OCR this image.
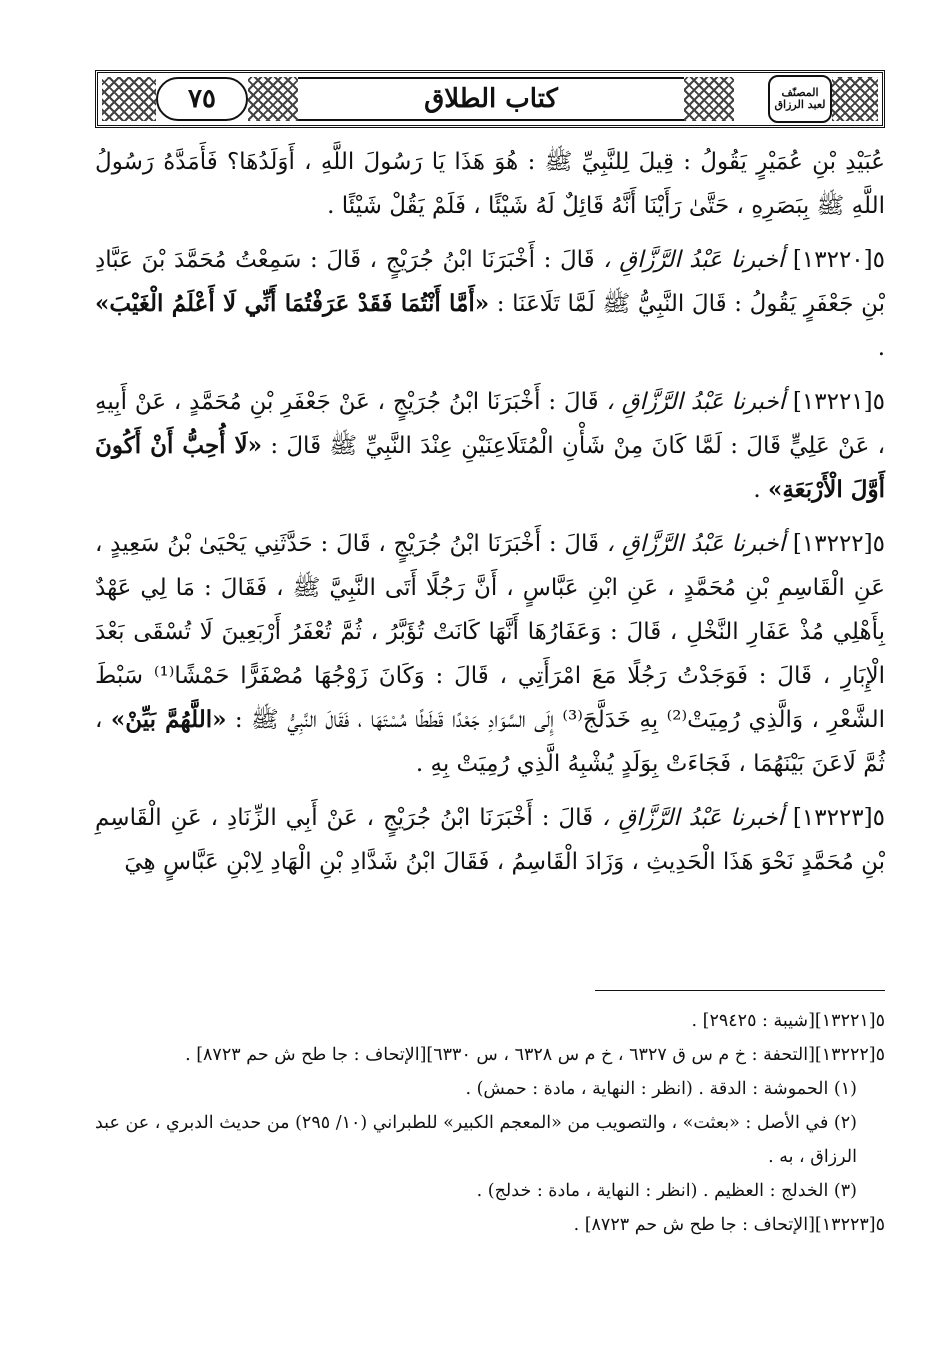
٧٥	كتاب الطلاق	المصنّف
لعبد الرزاق

عُبَيْدِ بْنِ عُمَيْرٍ يَقُولُ : قِيلَ لِلنَّبِيِّ ﷺ : هُوَ هَذَا يَا رَسُولَ اللَّهِ ، أَوَلَدُهَا؟ فَأَمَدَّهُ رَسُولُ اللَّهِ ﷺ بِبَصَرِهِ ، حَتَّىٰ رَأَيْنَا أَنَّهُ قَائِلٌ لَهُ شَيْئًا ، فَلَمْ يَقُلْ شَيْئًا .

٥[١٣٢٢٠] أخبرنا عَبْدُ الرَّزَّاقِ ، قَالَ : أَخْبَرَنَا ابْنُ جُرَيْجٍ ، قَالَ : سَمِعْتُ مُحَمَّدَ بْنَ عَبَّادِ بْنِ جَعْفَرٍ يَقُولُ : قَالَ النَّبِيُّ ﷺ لَمَّا تَلَاعَنَا : «أَمَّا أَنْتُمَا فَقَدْ عَرَفْتُمَا أَنِّي لَا أَعْلَمُ الْغَيْبَ» .

٥[١٣٢٢١] أخبرنا عَبْدُ الرَّزَّاقِ ، قَالَ : أَخْبَرَنَا ابْنُ جُرَيْجٍ ، عَنْ جَعْفَرِ بْنِ مُحَمَّدٍ ، عَنْ أَبِيهِ ، عَنْ عَلِيٍّ قَالَ : لَمَّا كَانَ مِنْ شَأْنِ الْمُتَلَاعِنَيْنِ عِنْدَ النَّبِيِّ ﷺ قَالَ : «لَا أُحِبُّ أَنْ أَكُونَ أَوَّلَ الْأَرْبَعَةِ» .

٥[١٣٢٢٢] أخبرنا عَبْدُ الرَّزَّاقِ ، قَالَ : أَخْبَرَنَا ابْنُ جُرَيْجٍ ، قَالَ : حَدَّثَنِي يَحْيَىٰ بْنُ سَعِيدٍ ، عَنِ الْقَاسِمِ بْنِ مُحَمَّدٍ ، عَنِ ابْنِ عَبَّاسٍ ، أَنَّ رَجُلًا أَتَى النَّبِيَّ ﷺ ، فَقَالَ : مَا لِي عَهْدٌ بِأَهْلِي مُذْ عَفَارِ النَّخْلِ ، قَالَ : وَعَفَارُهَا أَنَّهَا كَانَتْ تُؤَبَّرُ ، ثُمَّ تُعْفَرُ أَرْبَعِينَ لَا تُسْقَى بَعْدَ الْإِبَارِ ، قَالَ : فَوَجَدْتُ رَجُلًا مَعَ امْرَأَتِي ، قَالَ : وَكَانَ زَوْجُهَا مُصْفَرًّا حَمْشًا⁽¹⁾ سَبْطَ الشَّعْرِ ، وَالَّذِي رُمِيَتْ⁽²⁾ بِهِ خَدَلَّجَ⁽³⁾ إِلَى السَّوَادِ جَعْدًا قَطَطًا مُسْتَهَا ، فَقَالَ النَّبِيُّ ﷺ : «اللَّهُمَّ بَيِّنْ» ، ثُمَّ لَاعَنَ بَيْنَهُمَا ، فَجَاءَتْ بِوَلَدٍ يُشْبِهُ الَّذِي رُمِيَتْ بِهِ .

٥[١٣٢٢٣] أخبرنا عَبْدُ الرَّزَّاقِ ، قَالَ : أَخْبَرَنَا ابْنُ جُرَيْجٍ ، عَنْ أَبِي الزِّنَادِ ، عَنِ الْقَاسِمِ بْنِ مُحَمَّدٍ نَحْوَ هَذَا الْحَدِيثِ ، وَزَادَ الْقَاسِمُ ، فَقَالَ ابْنُ شَدَّادِ بْنِ الْهَادِ لِابْنِ عَبَّاسٍ هِيَ

٥[١٣٢٢١][شيبة : ٢٩٤٢٥] .

٥[١٣٢٢٢][التحفة : خ م س ق ٦٣٢٧ ، خ م س ٦٣٢٨ ، س ٦٣٣٠][الإتحاف : جا طح ش حم ٨٧٢٣] .

(١) الحموشة : الدقة . (انظر : النهاية ، مادة : حمش) .

(٢) في الأصل : «بعثت» ، والتصويب من «المعجم الكبير» للطبراني (١٠/ ٢٩٥) من حديث الدبري ، عن عبد الرزاق ، به .

(٣) الخدلج : العظيم . (انظر : النهاية ، مادة : خدلج) .

٥[١٣٢٢٣][الإتحاف : جا طح ش حم ٨٧٢٣] .
